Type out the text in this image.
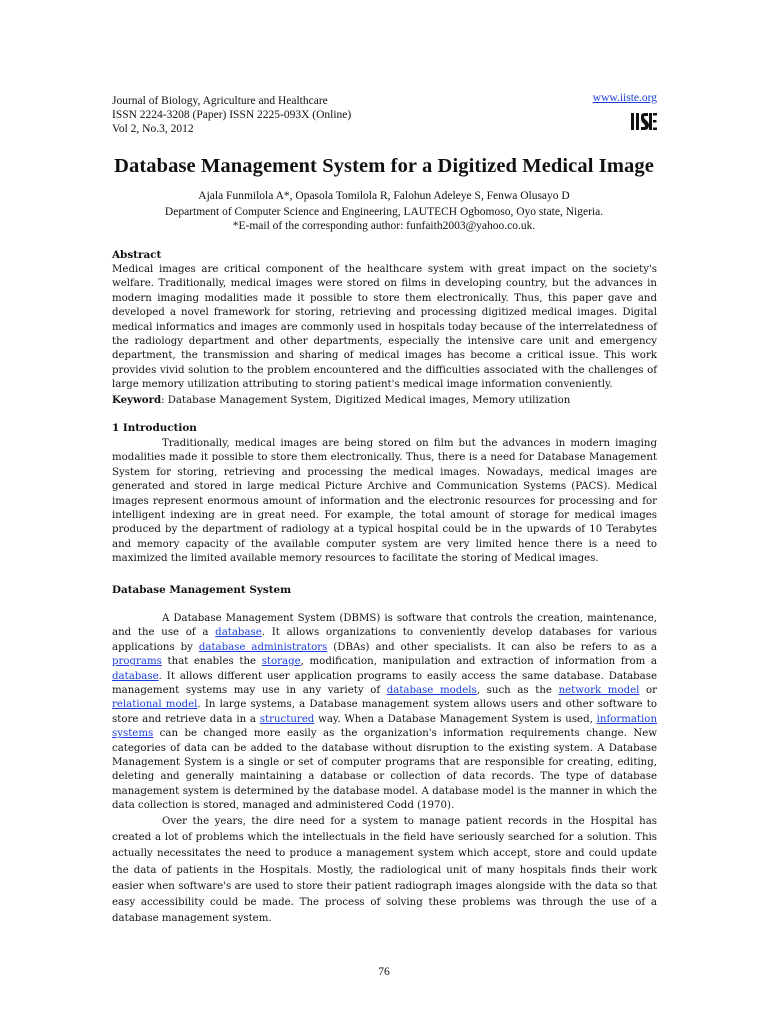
Journal of Biology, Agriculture and Healthcare
ISSN 2224-3208 (Paper) ISSN 2225-093X (Online)
Vol 2, No.3, 2012
www.iiste.org
Database Management System for a Digitized Medical Image
Ajala Funmilola A*, Opasola Tomilola R, Falohun Adeleye S, Fenwa Olusayo D
Department of Computer Science and Engineering, LAUTECH Ogbomoso, Oyo state, Nigeria.
*E-mail of the corresponding author: funfaith2003@yahoo.co.uk.
Abstract

Medical images are critical component of the healthcare system with great impact on the society's welfare. Traditionally, medical images were stored on films in developing country, but the advances in modern imaging modalities made it possible to store them electronically. Thus, this paper gave and developed a novel framework for storing, retrieving and processing digitized medical images. Digital medical informatics and images are commonly used in hospitals today because of the interrelatedness of the radiology department and other departments, especially the intensive care unit and emergency department, the transmission and sharing of medical images has become a critical issue. This work provides vivid solution to the problem encountered and the difficulties associated with the challenges of large memory utilization attributing to storing patient's medical image information conveniently.

Keyword: Database Management System, Digitized Medical images, Memory utilization

1 Introduction

Traditionally, medical images are being stored on film but the advances in modern imaging modalities made it possible to store them electronically. Thus, there is a need for Database Management System for storing, retrieving and processing the medical images. Nowadays, medical images are generated and stored in large medical Picture Archive and Communication Systems (PACS). Medical images represent enormous amount of information and the electronic resources for processing and for intelligent indexing are in great need. For example, the total amount of storage for medical images produced by the department of radiology at a typical hospital could be in the upwards of 10 Terabytes and memory capacity of the available computer system are very limited hence there is a need to maximized the limited available memory resources to facilitate the storing of Medical images.

Database Management System

A Database Management System (DBMS) is software that controls the creation, maintenance, and the use of a database. It allows organizations to conveniently develop databases for various applications by database administrators (DBAs) and other specialists. It can also be refers to as a programs that enables the storage, modification, manipulation and extraction of information from a database. It allows different user application programs to easily access the same database. Database management systems may use in any variety of database models, such as the network model or relational model. In large systems, a Database management system allows users and other software to store and retrieve data in a structured way. When a Database Management System is used, information systems can be changed more easily as the organization's information requirements change. New categories of data can be added to the database without disruption to the existing system. A Database Management System is a single or set of computer programs that are responsible for creating, editing, deleting and generally maintaining a database or collection of data records. The type of database management system is determined by the database model. A database model is the manner in which the data collection is stored, managed and administered Codd (1970).

Over the years, the dire need for a system to manage patient records in the Hospital has created a lot of problems which the intellectuals in the field have seriously searched for a solution. This actually necessitates the need to produce a management system which accept, store and could update the data of patients in the Hospitals. Mostly, the radiological unit of many hospitals finds their work easier when software's are used to store their patient radiograph images alongside with the data so that easy accessibility could be made. The process of solving these problems was through the use of a database management system.

76
